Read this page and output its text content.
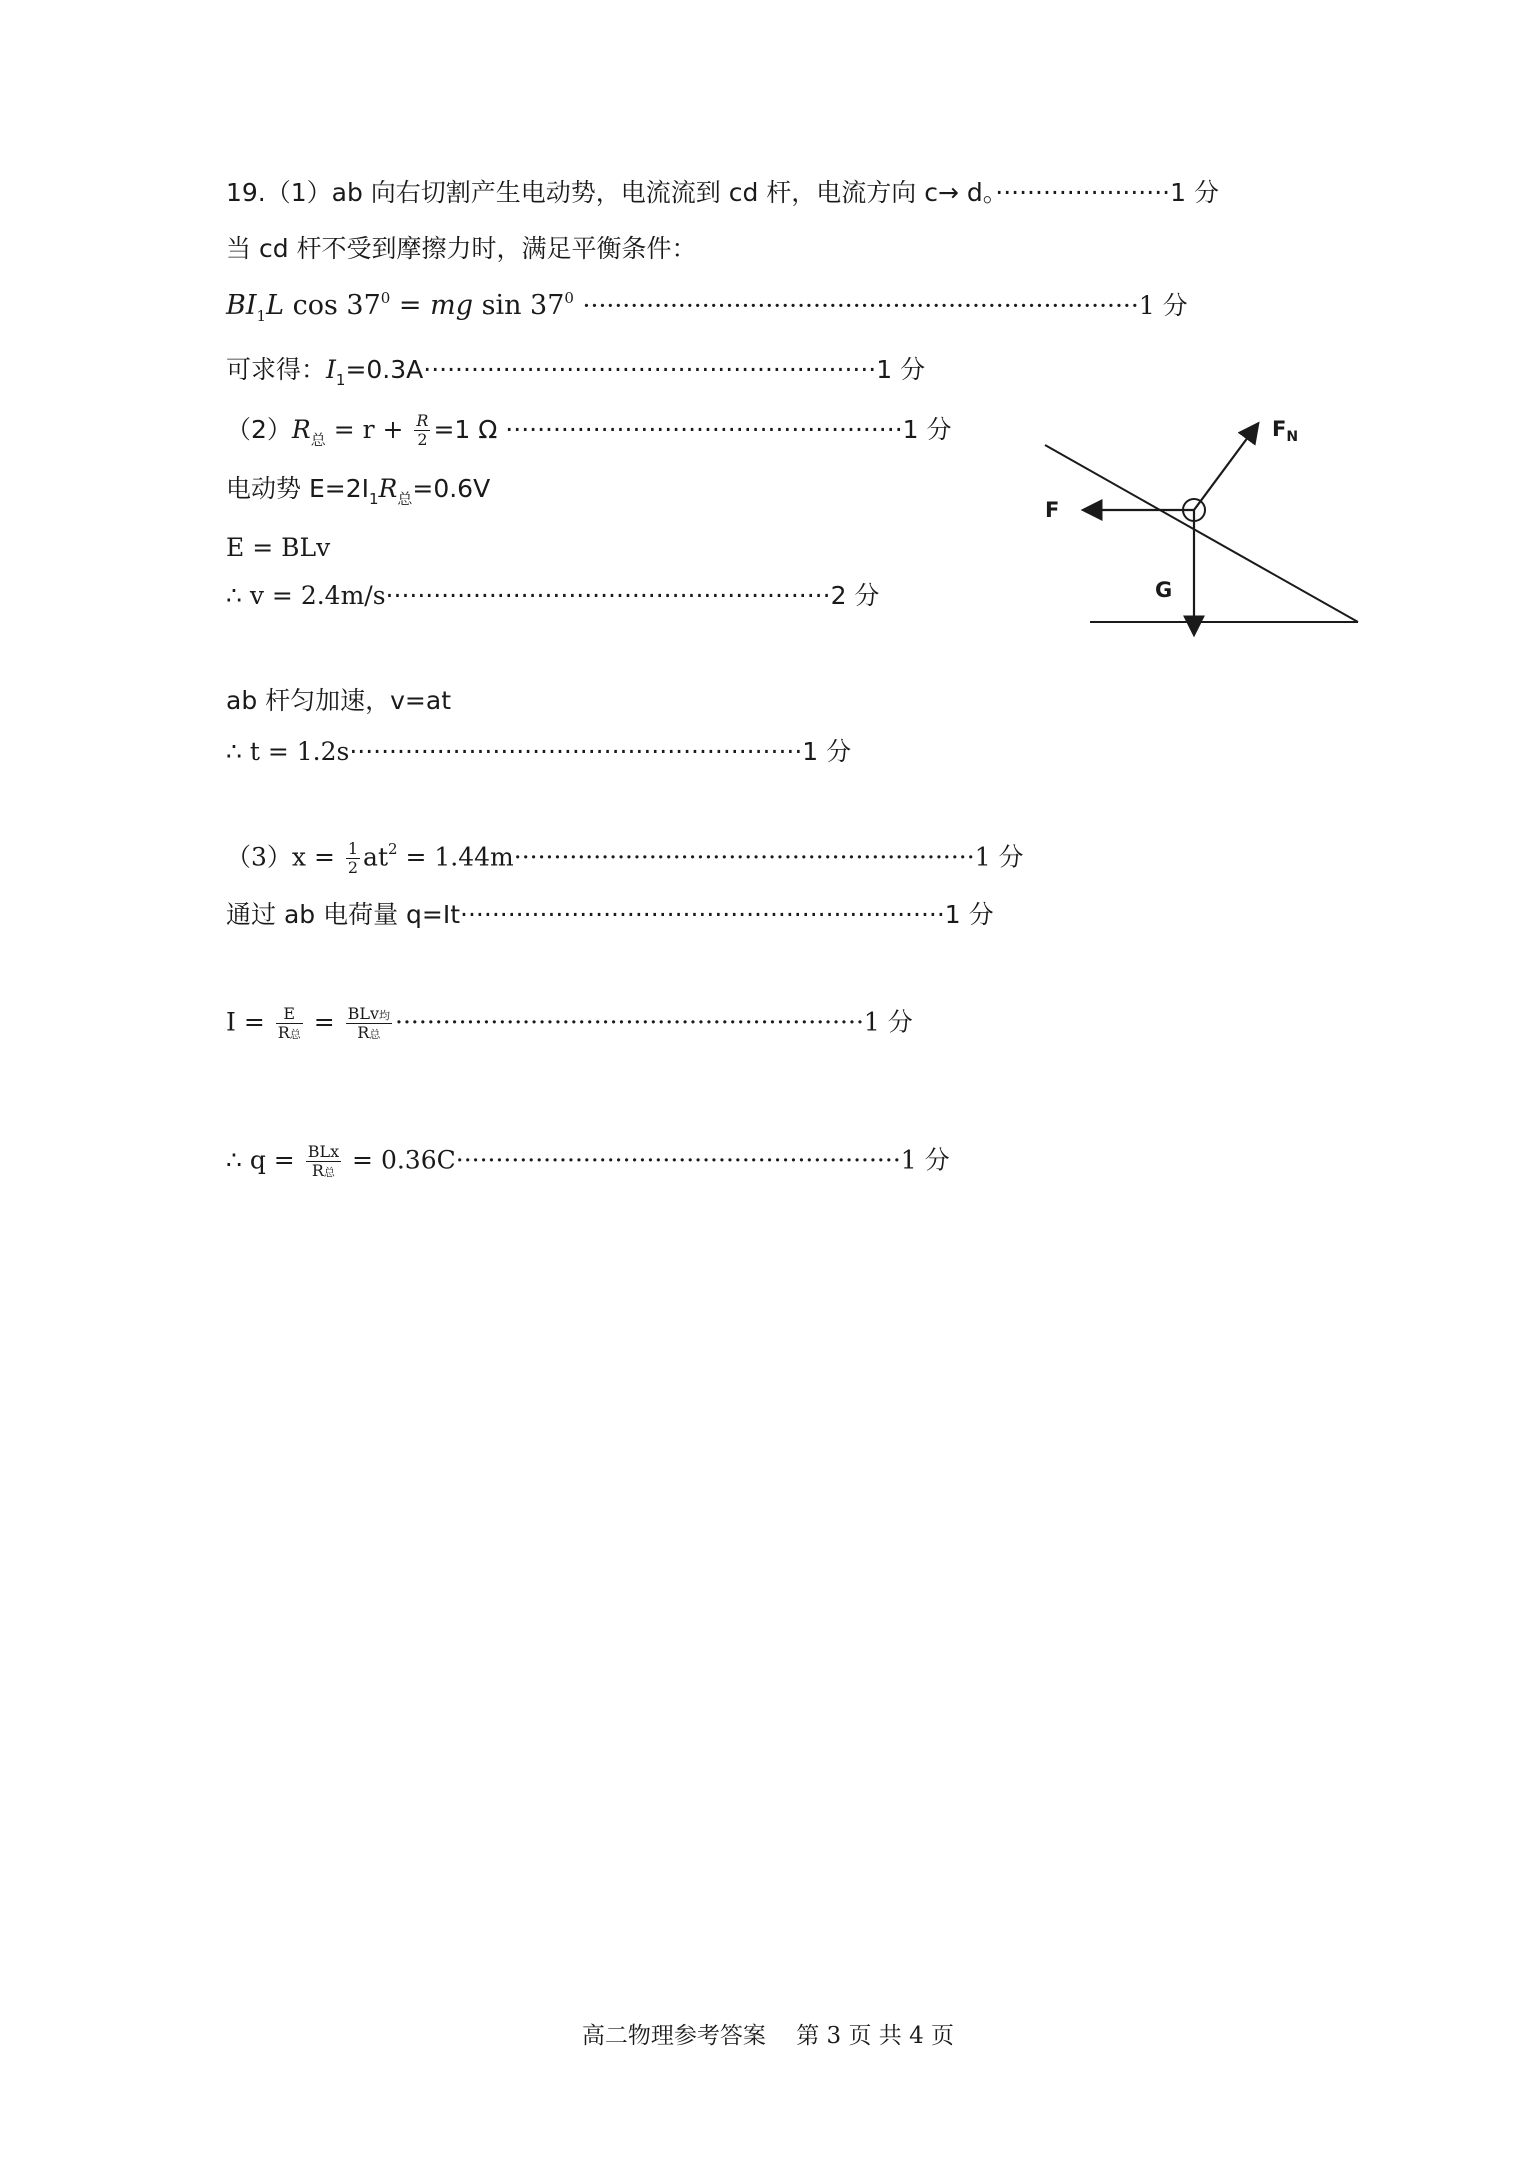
19.（1）ab 向右切割产生电动势，电流流到 cd 杆，电流方向 c→ d。······················1 分
当 cd 杆不受到摩擦力时，满足平衡条件：
$BI_1L$ $\cos 37^0$ = mg $\sin 37^0 \cdot\cdot\cdot\cdot\cdot\cdot\cdot\cdot\cdot\cdot\cdot\cdot\cdot\cdot\cdot\cdot\cdot\cdot\cdot\cdot\cdot\cdot\cdot\cdot\cdot\cdot\cdot\cdot\cdot\cdot\cdot\cdot\cdot\cdot\cdot\cdot\cdot\cdot\cdot\cdot\cdot\cdot\cdot\cdot\cdot\cdot\cdot\cdot\cdot\cdot\cdot\cdot\cdot\cdot\cdot\cdot\cdot\cdot\cdot\cdot\cdot\cdot\cdot\cdot\cdot\cdot\cdot\cdot\cdot\cdot 1$ 分
可求得：$I_1=0.3A\cdot\cdot\cdot\cdot\cdot\cdot\cdot\cdot\cdot\cdot\cdot\cdot\cdot\cdot\cdot\cdot\cdot\cdot\cdot\cdot\cdot\cdot\cdot\cdot\cdot\cdot\cdot\cdot\cdot\cdot\cdot\cdot\cdot\cdot\cdot\cdot\cdot\cdot\cdot\cdot\cdot\cdot\cdot\cdot\cdot\cdot\cdot\cdot\cdot\cdot\cdot\cdot\cdot\cdot\cdot\cdot\cdot 1$ 分
$(2)R_总 = r + \frac{R}{2} =1$ Ω ··················································1 分
电动势 $E=2I_1R_总=0.6V$
E = BLv
∴ v = 2.4m/s························································2 分
ab 杆匀加速，v=at
∴ t = 1.2s·························································1 分
$(3)x = \frac{1}{2} at^2 = 1.44m\cdot\cdot\cdot\cdot\cdot\cdot\cdot\cdot\cdot\cdot\cdot\cdot\cdot\cdot\cdot\cdot\cdot\cdot\cdot\cdot\cdot\cdot\cdot\cdot\cdot\cdot\cdot\cdot\cdot\cdot\cdot\cdot\cdot\cdot\cdot\cdot\cdot\cdot\cdot\cdot\cdot\cdot\cdot\cdot\cdot\cdot\cdot\cdot\cdot\cdot\cdot\cdot\cdot\cdot\cdot\cdot\cdot\cdot 1$ 分
通过 ab 电荷量 q=It·····························································1 分
$I = \frac{E}{\text{R总}} = \frac{\text{BLv均}}{\text{R总}} \cdot\cdot\cdot\cdot\cdot\cdot\cdot\cdot\cdot\cdot\cdot\cdot\cdot\cdot\cdot\cdot\cdot\cdot\cdot\cdot\cdot\cdot\cdot\cdot\cdot\cdot\cdot\cdot\cdot\cdot\cdot\cdot\cdot\cdot\cdot\cdot\cdot\cdot\cdot\cdot\cdot\cdot\cdot\cdot\cdot\cdot\cdot\cdot\cdot\cdot\cdot\cdot\cdot\cdot\cdot\cdot\cdot\cdot\cdot 1$ 分
∴ $q = \frac{\text{BLx}}{\text{R总}} = 0.36C\cdot\cdot\cdot\cdot\cdot\cdot\cdot\cdot\cdot\cdot\cdot\cdot\cdot\cdot\cdot\cdot\cdot\cdot\cdot\cdot\cdot\cdot\cdot\cdot\cdot\cdot\cdot\cdot\cdot\cdot\cdot\cdot\cdot\cdot\cdot\cdot\cdot\cdot\cdot\cdot\cdot\cdot\cdot\cdot\cdot\cdot\cdot\cdot\cdot\cdot\cdot\cdot\cdot\cdot\cdot\cdot 1$ 分
$F_N$
F
G
高二物理参考答案　 第 3 页 共 4 页
